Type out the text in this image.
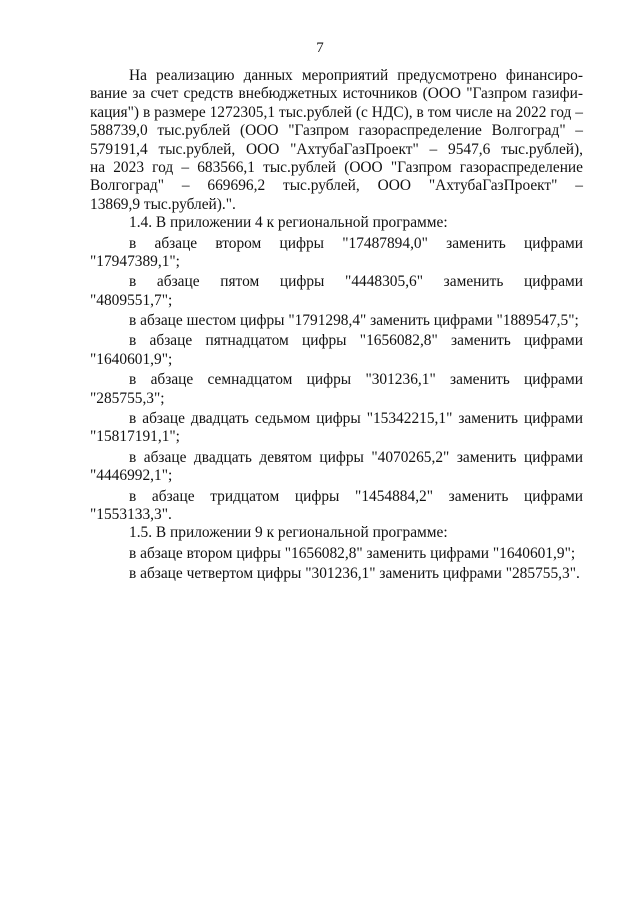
7
На реализацию данных мероприятий предусмотрено финансиро-
вание за счет средств внебюджетных источников (ООО "Газпром газифи-
кация") в размере 1272305,1 тыс.рублей (с НДС), в том числе на 2022 год –
588739,0 тыс.рублей (ООО "Газпром газораспределение Волгоград" –
579191,4 тыс.рублей, ООО "АхтубаГазПроект" – 9547,6 тыс.рублей),
на 2023 год – 683566,1 тыс.рублей (ООО "Газпром газораспределение
Волгоград" – 669696,2 тыс.рублей, ООО "АхтубаГазПроект" –
13869,9 тыс.рублей).".
1.4. В приложении 4 к региональной программе:
в абзаце втором цифры "17487894,0" заменить цифрами
"17947389,1";
в абзаце пятом цифры "4448305,6" заменить цифрами
"4809551,7";
в абзаце шестом цифры "1791298,4" заменить цифрами "1889547,5";
в абзаце пятнадцатом цифры "1656082,8" заменить цифрами
"1640601,9";
в абзаце семнадцатом цифры "301236,1" заменить цифрами
"285755,3";
в абзаце двадцать седьмом цифры "15342215,1" заменить цифрами
"15817191,1";
в абзаце двадцать девятом цифры "4070265,2" заменить цифрами
"4446992,1";
в абзаце тридцатом цифры "1454884,2" заменить цифрами
"1553133,3".
1.5. В приложении 9 к региональной программе:
в абзаце втором цифры "1656082,8" заменить цифрами "1640601,9";
в абзаце четвертом цифры "301236,1" заменить цифрами "285755,3".
